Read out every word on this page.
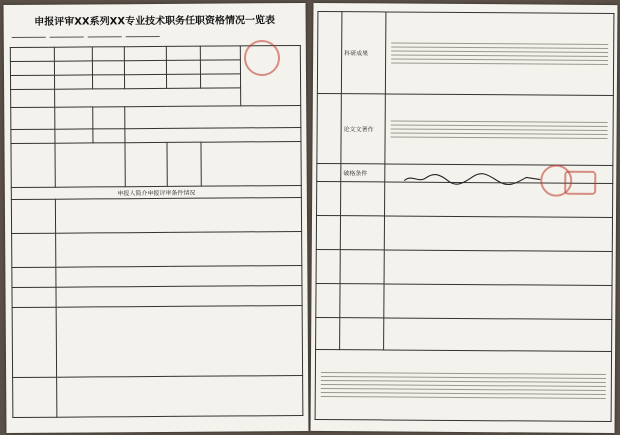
申报评审XX系列XX专业技术职务任职资格情况一览表

申报人简介申报评审条件情况						

	科研成果	

	论文文著作	

	破格条件	
